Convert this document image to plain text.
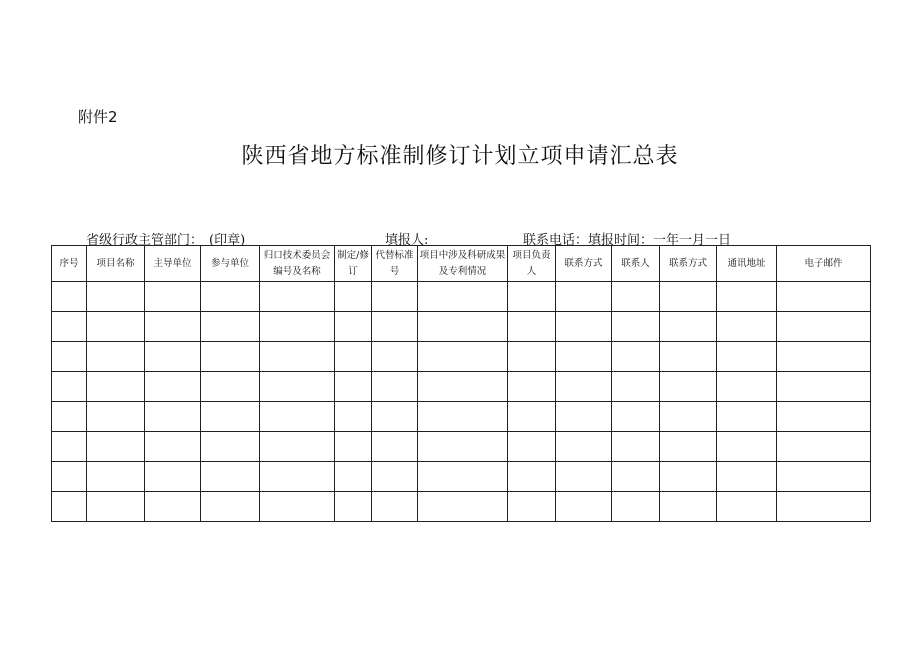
附件2
陕西省地方标准制修订计划立项申请汇总表
省级行政主管部门： (印章)	填报人:	联系电话：填报时间：一年一月一日
序号	项目名称	主导单位	参与单位	归口技术委员会编号及名称	制定/修订	代替标准号	项目中涉及科研成果及专利情况	项目负责人	联系方式	联系人	联系方式	通讯地址	电子邮件
